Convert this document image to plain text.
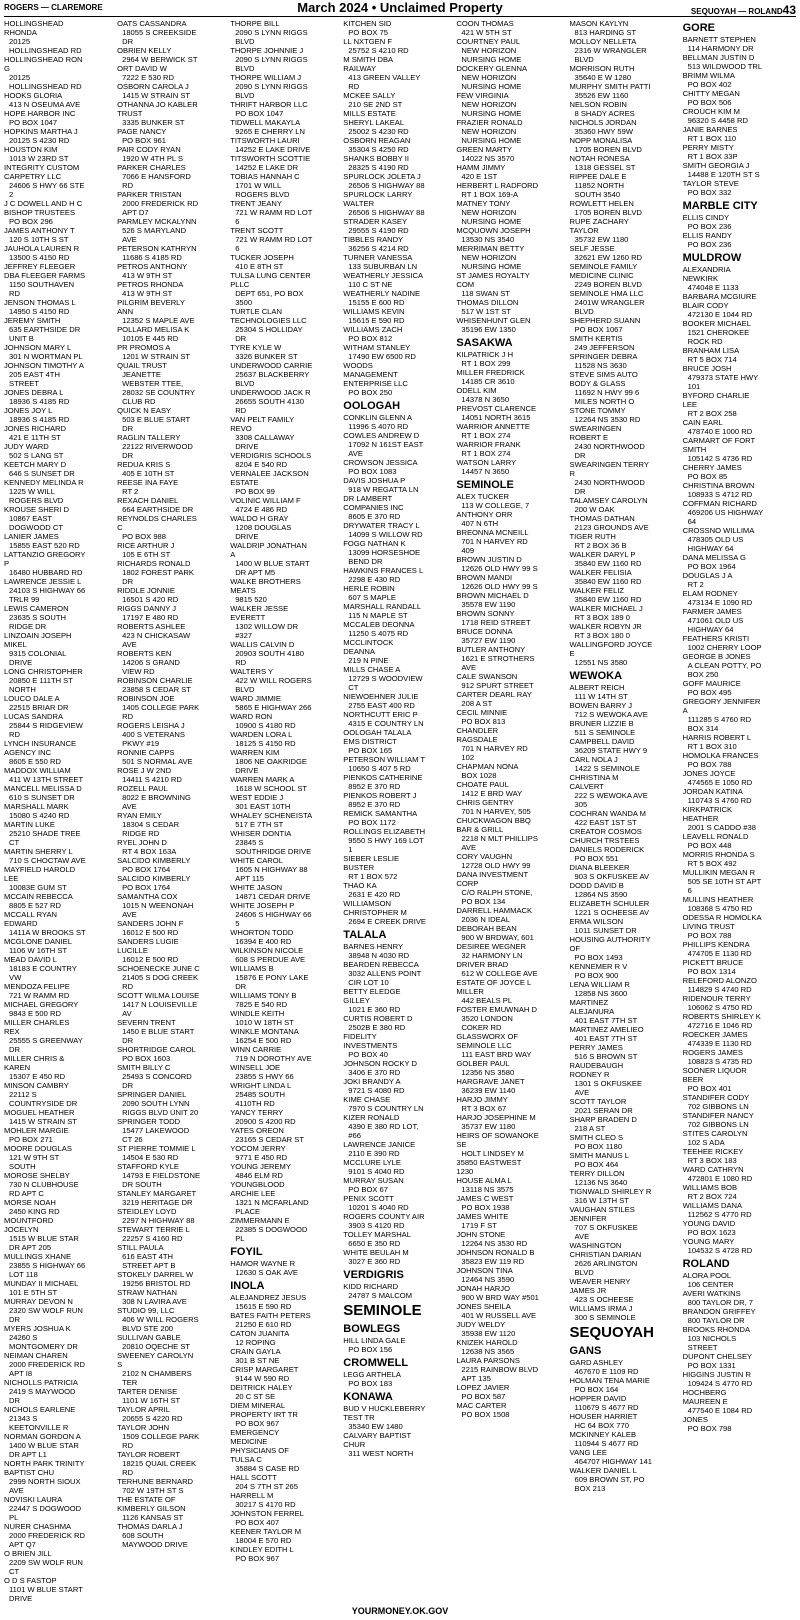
ROGERS — CLAREMORE	March 2024 • Unclaimed Property	SEQUOYAH — ROLAND43
HOLLINGSHEAD RHONDA
20125 HOLLINGSHEAD RD
HOLLINGSHEAD RON G
20125 HOLLINGSHEAD RD
HOOKS GLORIA
413 N OSEUMA AVE
HOPE HARBOR INC
PO BOX 1047
HOPKINS MARTHA J
20125 S 4230 RD
HOUSTON KIM
1013 W 23RD ST
INTEGRITY CUSTOM CARPETRY LLC
24606 S HWY 66 STE 2
J C DOWELL AND H C BISHOP TRUSTEES
PO BOX 296
JAMES ANTHONY T
120 S 10TH S ST
JAUHOLA LAUREN R
13500 S 4150 RD
JEFFREY FLEEGER DBA FLEEGER FARMS
1150 SOUTHAVEN RD
JENSON THOMAS L
14950 S 4150 RD
JEREMY SMITH
635 EARTHSIDE DR UNIT B
JOHNSON MARY L
301 N WORTMAN PL
JOHNSON TIMOTHY A
205 EAST 4TH STREET
JONES DEBRA L
18936 S 4185 RD
JONES JOY L
18936 S 4185 RD
JONES RICHARD
421 E 11TH ST
JUDY WARD
502 S LANG ST
KEETCH MARY D
646 S SUNSET DR
KENNEDY MELINDA R
1225 W WILL ROGERS BLVD
KROUSE SHERI D
10867 EAST DOGWOOD CT
LANIER JAMES
15855 EAST 520 RD
LATTANZIO GREGORY P
16480 HUBBARD RD
LAWRENCE JESSIE L
24103 S HIGHWAY 66 TRLR 99
LEWIS CAMERON
23635 S SOUTH RIDGE DR
LINZOAIN JOSEPH MIKEL
9315 COLONIAL DRIVE
LONG CHRISTOPHER
20850 E 111TH ST NORTH
LOUCO DALE A
22515 BRIAR DR
LUCAS SANDRA
25844 S RIDGEVIEW RD
LYNCH INSURANCE AGENCY INC
8605 E 550 RD
MADDOX WILLIAM
411 W 13TH STREET
MANCELL MELISSA D
610 S SUNSET DR
MARSHALL MARK
15080 S 4240 RD
MARTIN LUKE
25210 SHADE TREE CT
MARTIN SHERRY L
710 S CHOCTAW AVE
MAYFIELD HAROLD LEE
10083E GUM ST
MCCAIN REBECCA
8805 E 527 RD
MCCALL RYAN EDWARD
1411A W BROOKS ST
MCGLONE DANIEL
1106 W 16TH ST
MEAD DAVID L
18183 E COUNTRY VW
MENDOZA FELIPE
721 W RAMM RD
MICHAEL GREGORY
9843 E 500 RD
MILLER CHARLES REX
25555 S GREENWAY DR
MILLER CHRIS & KAREN
15307 E 450 RD
MINSON CAMBRY
22112 S COUNTRYSIDE DR
MOGUEL HEATHER
1415 W STRAIN ST
MOHLER MARGIE
PO BOX 271
MOORE DOUGLAS
121 W 9TH ST SOUTH
MOROSE SHELBY
730 N CLUBHOUSE RD APT C
MORSE NOAH
2450 KING RD
MOUNTFORD JOCELYN
1515 W BLUE STAR DR APT 205
MULLINGS XHANE
23855 S HIGHWAY 66 LOT 118
MUNDAY II MICHAEL
101 E 5TH ST
MURRAY DEVON N
2320 SW WOLF RUN DR
MYERS JOSHUA K
24260 S MONTGOMERY DR
NEIMAN CHAREN
2000 FREDERICK RD APT I8
NICHOLLS PATRICIA
2419 S MAYWOOD DR
NICHOLS EARLENE
21343 S KEETONVILLE R
NORMAN GORDON A
1400 W BLUE STAR DR APT L1
NORTH PARK TRINITY BAPTIST CHU
2999 NORTH SIOUX AVE
NOVISKI LAURA
22447 S DOGWOOD PL
NURER CHASHMA
2000 FREDERICK RD APT Q7
O BRIEN JILL
2209 SW WOLF RUN CT
O D S FASTOP
1101 W BLUE START DRIVE
OATS CASSANDRA
18055 S CREEKSIDE DR
OBRIEN KELLY
2964 W BERWICK ST
ORT DAVID W
7222 E 530 RD
OSBORN CAROLA J
1415 W STRAIN ST
OTHANNA JO KABLER TRUST
3335 BUNKER ST
PAGE NANCY
PO BOX 961
PAIR CODY RYAN
1920 W 4TH PL S
PARKER CHARLES
7066 E HANSFORD RD
PARKER TRISTAN
2000 FREDERICK RD APT D7
PARMLEY MCKALYNN
526 S MARYLAND AVE
PETERSON KATHRYN
11686 S 4185 RD
PETROS ANTHONY
413 W 9TH ST
PETROS RHONDA
413 W 9TH ST
PILGRIM BEVERLY ANN
12352 S MAPLE AVE
POLLARD MELISA K
10105 E 445 RD
PR PROMOS A
1201 W STRAIN ST
QUAIL TRUST
JEANETTE WEBSTER TTEE, 28032 SE COUNTRY CLUB RD
QUICK N EASY
503 E BLUE START DR
RAGLIN TALLERY
22122 RIVERWOOD DR
REDUA KRIS S
405 E 10TH ST
REESE INA FAYE
RT 2
REXACH DANIEL
664 EARTHSIDE DR
REYNOLDS CHARLES C
PO BOX 988
RICE ARTHUR J
105 E 6TH ST
RICHARDS RONALD
1802 FOREST PARK DR
RIDDLE JONNIE
16501 S 420 RD
RIGGS DANNY J
17197 E 480 RD
ROBERTS ASHLEE
423 N CHICKASAW AVE
ROBERTS KEN
14206 S GRAND VIEW RD
ROBINSON CHARLIE
23858 S CEDAR ST
ROBINSON JOE
1405 COLLEGE PARK RD
ROGERS LEISHA J
400 S VETERANS PKWY #19
RONNIE CAPPS
501 S NORMAL AVE
ROSE J W 2ND
14411 S 4210 RD
ROZELL PAUL
8022 E BROWNING AVE
RYAN EMILY
18304 S CEDAR RIDGE RD
RYEL JOHN D
RT 4 BOX 163A
SALCIDO KIMBERLY
PO BOX 1764
SALCIDO KIMBERLY
PO BOX 1764
SAMANTHA COX
1015 N WEENONAH AVE
SANDERS JOHN F
16012 E 500 RD
SANDERS LUGIE LUCILLE
16012 E 500 RD
SCHOENECKE JUNE C
21405 S DOG CREEK RD
SCOTT WILMA LOUISE
1417 N LOUISEVILLE AV
SEVERN TRENT
1450 E BLUE START DR
SHORTRIDGE CAROL
PO BOX 1603
SMITH BILLY C
25493 S CONCORD DR
SPRINGER DANIEL
2090 SOUTH LYNN RIGGS BLVD UNIT 20
SPRINGER TODD
15477 LAKEWOOD CT 26
ST PIERRE TOMMIE L
14504 E 530 RD
STAFFORD KYLE
14793 E FIELDSTONE DR SOUTH
STANLEY MARGARET
3219 HERITAGE DR
STEIDLEY LOYD
2297 N HIGHWAY 88
STEWART TERRIE L
22257 S 4160 RD
STILL PAULA
616 EAST 4TH STREET APT B
STOKELY DARREL W
19256 BRISTOL RD
STRAW NATHAN
308 N LAVIRA AVE
STUDIO 99, LLC
406 W WILL ROGERS BLVD STE 200
SULLIVAN GABLE
20810 OQECHE ST
SWEENEY CAROLYN S
2102 N CHAMBERS TER
TARTER DENISE
1101 W 16TH ST
TAYLOR APRIL
20655 S 4220 RD
TAYLOR JOHN
1509 COLLEGE PARK RD
TAYLOR ROBERT
18215 QUAIL CREEK RD
TERHUNE BERNARD
702 W 19TH ST S
THE ESTATE OF KIMBERLY GILSON
1126 KANSAS ST
THOMAS DARLA J
608 SOUTH MAYWOOD DRIVE
THORPE BILL
2090 S LYNN RIGGS BLVD
THORPE JOHNNIE J
2090 S LYNN RIGGS BLVD
THORPE WILLIAM J
2090 S LYNN RIGGS BLVD
THRIFT HARBOR LLC
PO BOX 1047
TIDWELL MAKAYLA
9265 E CHERRY LN
TITSWORTH LAURI
14252 E LAKE DRIVE
TITSWORTH SCOTTIE
14252 E LAKE DR
TOBIAS HANNAH C
1701 W WILL ROGERS BLVD
TRENT JEANY
721 W RAMM RD LOT 6
TRENT SCOTT
721 W RAMM RD LOT 6
TUCKER JOSEPH
410 E 8TH ST
TULSA LUNG CENTER PLLC
DEPT 651, PO BOX 3500
TURTLE CLAN TECHNOLOGIES LLC
25304 S HOLLIDAY DR
TYRE KYLE W
3326 BUNKER ST
UNDERWOOD CARRIE
25637 BLACKBERRY BLVD
UNDERWOOD JACK R
26655 SOUTH 4130 RD
VAN PELT FAMILY REVO
3308 CALLAWAY DRIVE
VERDIGRIS SCHOOLS
8204 E 540 RD
VERNALEE JACKSON ESTATE
PO BOX 99
VOLINIC WILLIAM F
4724 E 486 RD
WALDO H GRAY
1208 DOUGLAS DRIVE
WALDRIP JONATHAN A
1400 W BLUE START DR APT M5
WALKE BROTHERS MEATS
9815 520
WALKER JESSE EVERETT
1302 WILLOW DR #327
WALLIS CALVIN D
20903 SOUTH 4180 RD
WALTERS Y
422 W WILL ROGERS BLVD
WARD JIMMIE
5865 E HIGHWAY 266
WARD RON
10900 S 4180 RD
WARDEN LORA L
18125 S 4150 RD
WARREN KIM
1806 NE OAKRIDGE DRIVE
WARREN MARK A
1618 W SCHOOL ST
WEST EDDIE J
301 EAST 10TH
WHALEY SCHENEISTA
517 E 7TH ST
WHISER DONTIA
23845 S SOUTHRIDGE DRIVE
WHITE CAROL
1605 N HIGHWAY 88 APT 115
WHITE JASON
14871 CEDAR DRIVE
WHITE JOSEPH P
24606 S HIGHWAY 66 5
WHORTON TODD
16394 E 400 RD
WILKINSON NICOLE
608 S PERDUE AVE
WILLIAMS B
15876 E PONY LAKE DR
WILLIAMS TONY B
7825 E 540 RD
WINDLE KEITH
1010 W 18TH ST
WINKLE MONTANA
16254 E 500 RD
WINN CARRIE
719 N DOROTHY AVE
WINSELL JOE
23855 S HWY 66
WRIGHT LINDA L
25485 SOUTH 4110TH RD
YANCY TERRY
20900 S 4200 RD
YATES OREON
23165 S CEDAR ST
YOCOM JERRY
9771 E 450 RD
YOUNG JEREMY
4846 ELM RD
YOUNGBLOOD ARCHIE LEE
1321 N MCFARLAND PLACE
ZIMMERMANN E
22385 S DOGWOOD PL
FOYIL
HAMOR WAYNE R
12630 S OAK AVE
INOLA
ALEJANDREZ JESUS
15615 E 590 RD
BATES FAITH PETERS
21250 E 610 RD
CATON JUANITA
12 ROPING
CRAIN GAYLA
301 B ST NE
CRISP MARGARET
9144 W 590 RD
DEITRICK HALEY
20 C ST SE
DIEM MINERAL PROPERTY IRT TR
PO BOX 967
EMERGENCY MEDICINE PHYSICIANS OF TULSA C
35884 S CASE RD
HALL SCOTT
204 S 7TH ST 265
HARRELL M
30217 S 4170 RD
JOHNSTON FERREL
PO BOX 407
KEENER TAYLOR M
18004 E 570 RD
KINDLEY EDITH L
PO BOX 967
KITCHEN SID
PO BOX 75
LL NXTGEN F
25752 S 4210 RD
M SMITH DBA RAILWAY
413 GREEN VALLEY RD
MCKEE SALLY
210 SE 2ND ST
MILLS ESTATE SHERYL LAKEAL
25002 S 4230 RD
OSBORN REAGAN
35304 S 4250 RD
SHANKS BOBBY II
28325 S 4190 RD
SPURLOCK JOLETA J
26506 S HIGHWAY 88
SPURLOCK LARRY WALTER
26506 S HIGHWAY 88
STRADER KASEY
29555 S 4190 RD
TIBBLES RANDY
36256 S 4214 RD
TURNER VANESSA
133 SUBURBAN LN
WEATHERLY JESSICA
110 C ST NE
WEATHERLY NADINE
15155 E 600 RD
WILLIAMS KEVIN
15615 E 590 RD
WILLIAMS ZACH
PO BOX 812
WITHAM STANLEY
17490 EW 6500 RD
WOODS MANAGEMENT ENTERPRISE LLC
PO BOX 250
OOLOGAH
CONKLIN GLENN A
11996 S 4070 RD
COWLES ANDREW D
17092 N 161ST EAST AVE
CROWSON JESSICA
PO BOX 1083
DAVIS JOSHUA P
918 W REGATTA LN
DR LAMBERT COMPANIES INC
8605 E 370 RD
DRYWATER TRACY L
14099 S WILLOW RD
FOGG NATHAN K
13099 HORSESHOE BEND DR
HAWKINS FRANCES L
2298 E 430 RD
HERLE ROBIN
607 S MAPLE
MARSHALL RANDALL
115 N MAPLE ST
MCCALEB DEONNA
11250 S 4075 RD
MCCLINTOCK DEANNA
219 N PINE
MILLS CHASE A
12729 S WOODVIEW CT
NIEWOEHNER JULIE
2755 EAST 400 RD
NORTHCUTT ERIC P
4315 E COUNTRY LN
OOLOGAH TALALA EMS DISTRICT
PO BOX 165
PETERSON WILLIAM T
10650 S 407 5 RD
PIENKOS CATHERINE
8952 E 370 RD
PIENKOS ROBERT J
8952 E 370 RD
REMICK SAMANTHA
PO BOX 1172
ROLLINGS ELIZABETH
9550 S HWY 169 LOT 1
SIEBER LESLIE BUSTER
RT 1 BOX 572
THAO KA
2631 E 420 RD
WILLIAMSON CHRISTOPHER M
2694 E CREEK DRIVE
TALALA
BARNES HENRY
38948 N 4030 RD
BEARDEN REBECCA
3032 ALLENS POINT CIR LOT 10
BETTY ELEDGE GILLEY
1021 E 360 RD
CURTIS ROBERT D
2502B E 380 RD
FIDELITY INVESTMENTS
PO BOX 40
JOHNSON ROCKY D
3406 E 370 RD
JOKI BRANDY A
9721 S 4080 RD
KIME CHASE
7970 S COUNTRY LN
KIZER RONALD
4390 E 380 RD LOT, #66
LAWRENCE JANICE
2110 E 390 RD
MCCLURE LYLE
9101 S 4040 RD
MURRAY SUSAN
PO BOX 67
PENIX SCOTT
10201 S 4040 RD
ROGERS COUNTY AIR
3903 S 4120 RD
TOLLEY MARSHAL
6650 E 350 RD
WHITE BEULAH M
3027 E 360 RD
VERDIGRIS
KIDD RICHARD
24787 S MALCOM
SEMINOLE
BOWLEGS
HILL LINDA GALE
PO BOX 156
CROMWELL
LEGG ARTHELA
PO BOX 183
KONAWA
BUD V HUCKLEBERRY TEST TR
35340 EW 1480
CALVARY BAPTIST CHUR
311 WEST NORTH
COON THOMAS
421 W 5TH ST
COURTNEY PAUL
NEW HORIZON NURSING HOME
DOCKERY GLENNA
NEW HORIZON NURSING HOME
FEW VIRGINIA
NEW HORIZON NURSING HOME
FRAZIER RONALD
NEW HORIZON NURSING HOME
GREEN MARTY
14022 NS 3570
HAMM JIMMY
420 E 1ST
HERBERT L RADFORD
RT 1 BOX 169-A
MATNEY TONY
NEW HORIZON NURSING HOME
MCQUOWN JOSEPH
13530 NS 3540
MERRIMAN BETTY
NEW HORIZON NURSING HOME
ST JAMES ROYALTY COM
118 SWAN ST
THOMAS DILLON
517 W 1ST ST
WHISENHUNT GLEN
35196 EW 1350
SASAKWA
KILPATRICK J H
RT 1 BOX 299
MILLER FREDRICK
14185 CR 3610
ODELL KIM
14378 N 3650
PREVOST CLARENCE
14051 NORTH 3615
WARRIOR ANNETTE
RT 1 BOX 274
WARRIOR FRANK
RT 1 BOX 274
WATSON LARRY
14457 N 3650
SEMINOLE
ALEX TUCKER
113 W COLLEGE, 7
ANTHONY ORR
407 N 6TH
BREONNA MCNEILL
701 N HARVEY RD 409
BROWN JUSTIN D
12626 OLD HWY 99 S
BROWN MANDI
12626 OLD HWY 99 S
BROWN MICHAEL D
35578 EW 1190
BROWN SONNY
1718 REID STREET
BRUCE DONNA
35727 EW 1190
BUTLER ANTHONY
1621 E STROTHERS AVE
CALE SWANSON
912 SPURT STREET
CARTER DEARL RAY
208 A ST
CECIL MINNIE
PO BOX 813
CHANDLER RAGSDALE
701 N HARVEY RD 102
CHAPMAN NONA
BOX 1028
CHOATE PAUL
1412 E BRD WAY
CHRIS GENTRY
701 N HARVEY, 505
CHUCKWAGON BBQ BAR & GRILL
2218 N MLT PHILLIPS AVE
CORY VAUGHN
12728 OLD HWY 99
DANA INVESTMENT CORP
C/O RALPH STONE, PO BOX 134
DARRELL HAMMACK
2036 N IDEAL
DEBORAH BEAN
900 W BRDWAY, 601
DESIREE WEGNER
32 HARMONY LN
DRIVER BRAD
612 W COLLEGE AVE
ESTATE OF JOYCE L MILLER
442 BEALS PL
FOSTER EMUWNAH D
3520 LONDON COKER RD
GLASSWORX OF SEMINOLE LLC
111 EAST BRD WAY
GOLBER PAUL
12356 NS 3580
HARGRAVE JANET
36239 EW 1140
HARJO JIMMY
RT 3 BOX 67
HARJO JOSEPHINE M
35737 EW 1180
HEIRS OF SOWANOKE SE
HOLT LINDSEY M
35850 EASTWEST 1230
HOUSE ALMA L
13118 NS 3575
JAMES C WEST
PO BOX 1938
JAMES WHITE
1719 F ST
JOHN STONE
12264 NS 3530 RD
JOHNSON RONALD B
35823 EW 119 RD
JOHNSON TINA
12464 NS 3590
JONAH HARJO
900 W BRD WAY #501
JONES SHEILA
401 W RUSSELL AVE
JUDY WELDY
35938 EW 1120
KNIZEK HAROLD
12638 NS 3565
LAURA PARSONS
2215 RAINBOW BLVD APT 135
LOPEZ JAVIER
PO BOX 587
MAC CARTER
PO BOX 1508
MASON KAYLYN
813 HARDING ST
MOLLOY NELLETA
2316 W WRANGLER BLVD
MORRISON RUTH
35640 E W 1280
MURPHY SMITH PATTI
35526 EW 1160
NELSON ROBIN
8 SHADY ACRES
NICHOLS JORDAN
35360 HWY 59W
NOPP MONALISA
1705 BOREN BLVD
NOTAH RONESA
1318 GESSEL ST
RIPPEE DALE E
11852 NORTH SOUTH 3540
ROWLETT HELEN
1705 BOREN BLVD
RUPE ZACHARY TAYLOR
35732 EW 1180
SELF JESSE
32621 EW 1260 RD
SEMINOLE FAMILY MEDICINE CLINIC
2249 BOREN BLVD
SEMINOLE HMA LLC
2401W WRANGLER BLVD
SHEPHERD SUANN
PO BOX 1067
SMITH KERTIS
249 JEFFERSON
SPRINGER DEBRA
11528 NS 3630
STEVE SIMS AUTO BODY & GLASS
11692 N HWY 99 6 MILES NORTH O
STONE TOMMY
12264 NS 3530 RD
SWEARINGEN ROBERT E
2430 NORTHWOOD DR
SWEARINGEN TERRY R
2430 NORTHWOOD DR
TALAMSEY CAROLYN
200 W OAK
THOMAS DATHAN
2123 GROUNDS AVE
TIGER RUTH
RT 2 BOX 36 B
WALKER DARYL P
35840 EW 1160 RD
WALKER FELISIA
35840 EW 1160 RD
WALKER FELIZ
35840 EW 1160 RD
WALKER MICHAEL J
RT 3 BOX 189 0
WALKER ROBYN JR
RT 3 BOX 180 0
WALLINGFORD JOYCE E
12551 NS 3580
WEWOKA
ALBERT REICH
111 W 14TH ST
BOWEN BARRY J
712 S WEWOKA AVE
BRUNER LIZZIE B
511 S SEMINOLE
CAMPBELL DAVID
36209 STATE HWY 9
CARL NOLA J
1422 S SEMINOLE
CHRISTINA M CALVERT
222 S WEWOKA AVE 305
COCHRAN WANDA M
422 EAST 1ST ST
CREATOR COSMOS CHURCH TRSTEES
DANIELS RODERICK
PO BOX 551
DIANA BLEEKER
903 S OKFUSKEE AV
DODD DAVID B
12864 NS 3590
ELIZABETH SCHULER
1221 S OCHEESE AV
ERMA WILSON
1011 SUNSET DR
HOUSING AUTHORITY OF
PO BOX 1493
KENNEMER R V
PO BOX 900
LENA WILLIAM R
12858 NS 3600
MARTINEZ ALEJANURA
401 EAST 7TH ST
MARTINEZ AMELIEO
401 EAST 7TH ST
PERRY JAMES
516 S BROWN ST
RAUDEBAUGH RODNEY R
1301 S OKFUSKEE AVE
SCOTT TAYLOR
2021 SERAN DR
SHARP BRADEN D
218 A ST
SMITH CLEO S
PO BOX 1180
SMITH MANUS L
PO BOX 464
TERRY DILLON
12136 NS 3640
TIGNWALD SHIRLEY R
316 W 13TH ST
VAUGHAN STILES JENNIFER
707 S OKFUSKEE AVE
WASHINGTON CHRISTIAN DARIAN
2626 ARLINGTON BLVD
WEAVER HENRY JAMES JR
423 S OCHEESE
WILLIAMS IRMA J
300 S SEMINOLE
SEQUOYAH
GANS
GARD ASHLEY
467670 E 1109 RD
HOLMAN TENA MARIE
PO BOX 164
HOPPER DAVID
110679 S 4677 RD
HOUSER HARRIET
HC 64 BOX 770
MCKINNEY KALEB
110944 S 4677 RD
VANG LEE
464707 HIGHWAY 141
WALKER DANIEL L
609 BROWN ST, PO BOX 213
GORE
BARNETT STEPHEN
114 HARMONY DR
BELLMAN JUSTIN D
513 WILDWOOD TRL
BRIMM WILMA
PO BOX 402
CHITTY MEGAN
PO BOX 506
CROUCH KIM M
96320 S 4458 RD
JANIE BARNES
RT 1 BOX 110
PERRY MISTY
RT 1 BOX 33P
SMITH GEORGIA J
14488 E 120TH ST S
TAYLOR STEVE
PO BOX 332
MARBLE CITY
ELLIS CINDY
PO BOX 236
ELLIS RANDY
PO BOX 236
MULDROW
ALEXANDRIA NEWKIRK
474048 E 1133
BARBARA MCGIURE
BLAIR CODY
472130 E 1044 RD
BOOKER MICHAEL
1521 CHEROKEE ROCK RD
BRANHAM LISA
RT 5 BOX 714
BRUCE JOSH
479373 STATE HWY 101
BYFORD CHARLIE LEE
RT 2 BOX 258
CAIN EARL
478740 E 1000 RD
CARMART OF FORT SMITH
105142 S 4736 RD
CHERRY JAMES
PO BOX 85
CHRISTINA BROWN
108933 S 4712 RD
COFFMAN RICHARD
469206 US HIGHWAY 64
CROSSNO WILLIMA
478305 OLD US HIGHWAY 64
DANA MELISSA G
PO BOX 1964
DOUGLAS J A
RT 2
ELAM RODNEY
473134 E 1090 RD
FARMER JAMES
471061 OLD US HIGHWAY 64
FEATHERS KRISTI
1002 CHERRY LOOP
GEORGE B JONES
A CLEAN POTTY, PO BOX 250
GOFF MAURICE
PO BOX 495
GREGORY JENNIFER A
111285 S 4760 RD BOX 314
HARRIS ROBERT L
RT 1 BOX 310
HOMOLKA FRANCES
PO BOX 788
JONES JOYCE
474565 E 1050 RD
JORDAN KATINA
110743 S 4760 RD
KIRKPATRICK HEATHER
2001 S CADDO #38
LEAVELL RONALD
PO BOX 448
MORRIS RHONDA S
RT 5 BOX 492
MULLIKIN MEGAN R
505 SE 10TH ST APT 6
MULLINS HEATHER
108368 S 4750 RD
ODESSA R HOMOLKA LIVING TRUST
PO BOX 788
PHILLIPS KENDRA
474705 E 1130 RD
PICKETT BRUCE
PO BOX 1314
RELEFORD ALONZO
114829 S 4740 RD
RIDENOUR TERRY
106062 S 4750 RD
ROBERTS SHIRLEY K
472716 E 1046 RD
ROECKER JAMES
474339 E 1130 RD
ROGERS JAMES
108823 S 4735 RD
SOONER LIQUOR BEER
PO BOX 401
STANDIFER CODY
702 GIBBONS LN
STANDIFER NANCY
702 GIBBONS LN
STITES CAROLYN
102 S ADA
TEEHEE RICKEY
RT 3 BOX 183
WARD CATHRYN
472801 E 1080 RD
WILLIAMS BOB
RT 2 BOX 724
WILLIAMS DANA
112562 S 4770 RD
YOUNG DAVID
PO BOX 1623
YOUNG MARY
104532 S 4728 RD
ROLAND
ALORA POOL
106 CENTER
AVERI WATKINS
800 TAYLOR DR, 7
BRANDON GRIFFEY
800 TAYLOR DR
BROOKS RHONDA
103 NICHOLS STREET
DUPONT CHELSEY
PO BOX 1331
HIGGINS JUSTIN R
109424 S 4770 RD
HOCHBERG MAUREEN E
477540 E 1084 RD
JONES
PO BOX 798
YOURMONEY.OK.GOV
